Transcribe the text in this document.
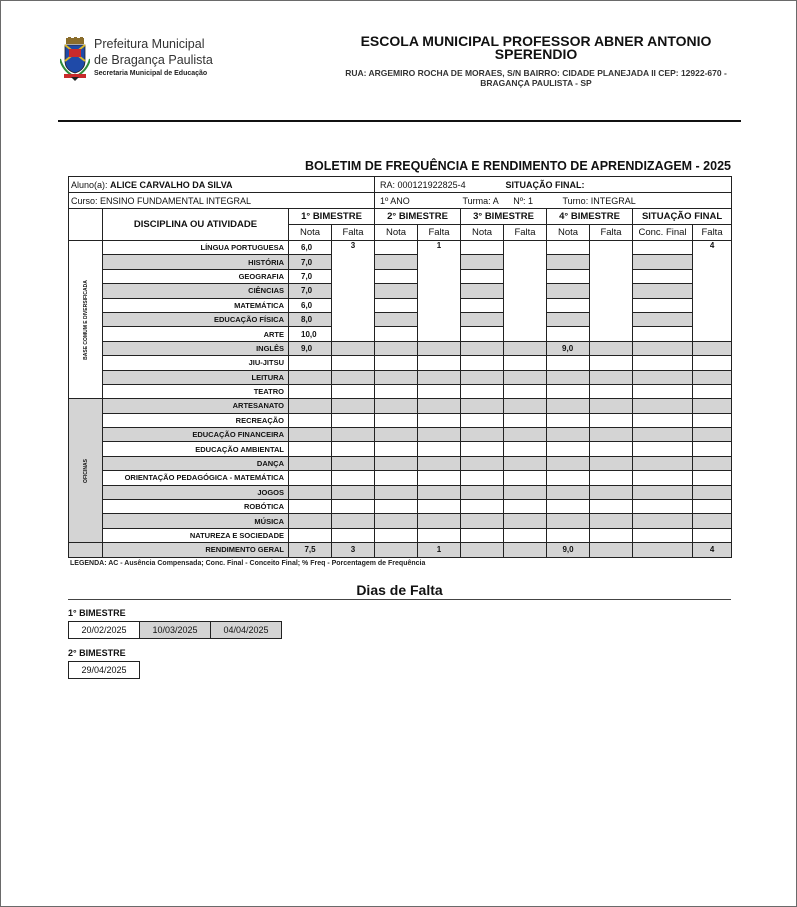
Prefeitura Municipal
de Bragança Paulista
Secretaria Municipal de Educação
ESCOLA MUNICIPAL PROFESSOR ABNER ANTONIO SPERENDIO
RUA: ARGEMIRO ROCHA DE MORAES, S/N BAIRRO: CIDADE PLANEJADA II CEP: 12922-670 - BRAGANÇA PAULISTA - SP
BOLETIM DE FREQUÊNCIA E RENDIMENTO DE APRENDIZAGEM - 2025
Aluno(a): ALICE CARVALHO DA SILVA				RA: 000121922825-4			SITUAÇÃO FINAL:				
Curso: ENSINO FUNDAMENTAL INTEGRAL				1º ANO		Turma: A Nº: 1		Turno: INTEGRAL			
	DISCIPLINA OU ATIVIDADE	1° BIMESTRE		2° BIMESTRE		3° BIMESTRE		4° BIMESTRE		SITUAÇÃO FINAL	
		Nota	Falta	Nota	Falta	Nota	Falta	Nota	Falta	Conc. Final	Falta

BASE COMUM E DIVERSIFICADA	LÍNGUA PORTUGUESA	6,0	3		1						4
	HISTÓRIA	7,0									
	GEOGRAFIA	7,0									
	CIÊNCIAS	7,0									
	MATEMÁTICA	6,0									
	EDUCAÇÃO FÍSICA	8,0									
	ARTE	10,0									
	INGLÊS	9,0						9,0			
	JIU-JITSU										
	LEITURA										
	TEATRO										

OFICINAS	ARTESANATO										
	RECREAÇÃO										
	EDUCAÇÃO FINANCEIRA										
	EDUCAÇÃO AMBIENTAL										
	DANÇA										
	ORIENTAÇÃO PEDAGÓGICA - MATEMÁTICA										
	JOGOS										
	ROBÓTICA										
	MÚSICA										
	NATUREZA E SOCIEDADE										
	RENDIMENTO GERAL	7,5	3		1			9,0			4
LEGENDA: AC - Ausência Compensada; Conc. Final - Conceito Final; % Freq - Porcentagem de Frequência
Dias de Falta
1° BIMESTRE
20/02/2025	10/03/2025	04/04/2025
2° BIMESTRE
29/04/2025
